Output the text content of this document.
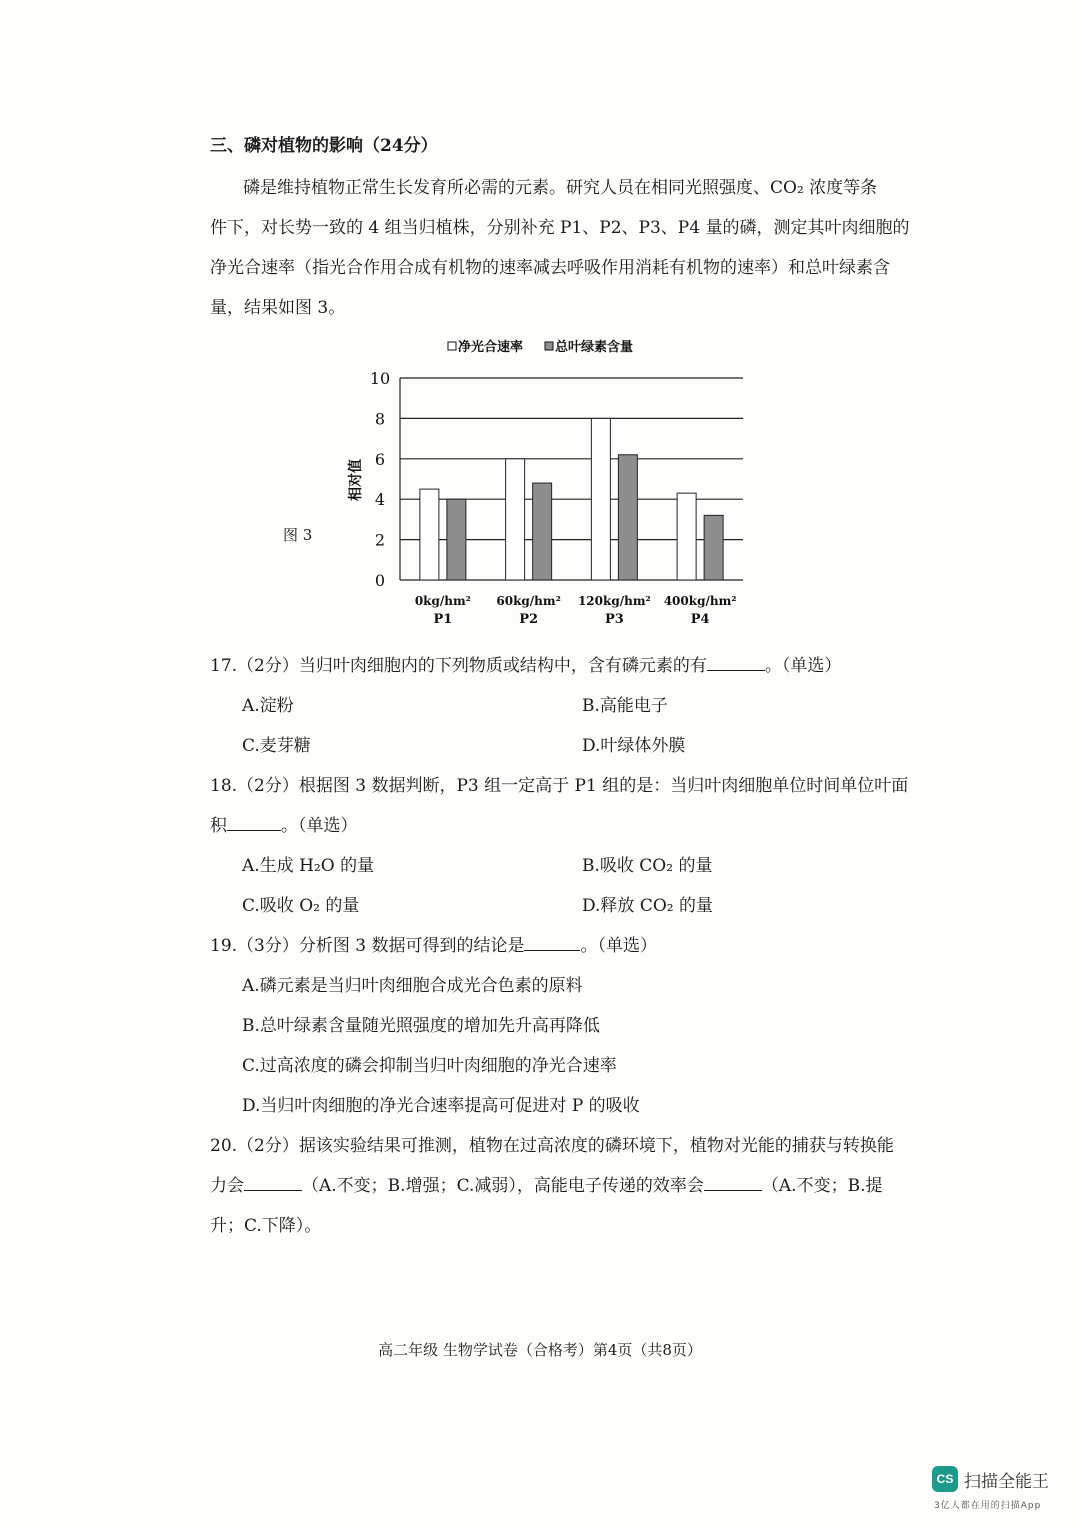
三、磷对植物的影响（24分）
磷是维持植物正常生长发育所必需的元素。研究人员在相同光照强度、CO₂ 浓度等条
件下，对长势一致的 4 组当归植株，分别补充 P1、P2、P3、P4 量的磷，测定其叶肉细胞的
净光合速率（指光合作用合成有机物的速率减去呼吸作用消耗有机物的速率）和总叶绿素含
量，结果如图 3。
图 3
0
2
4
6
8
10
相对值
净光合速率 总叶绿素含量
0kg/hm²
P1
60kg/hm²
P2
120kg/hm²
P3
400kg/hm²
P4
17.（2分）当归叶肉细胞内的下列物质或结构中，含有磷元素的有	。（单选）
A.淀粉	B.高能电子
C.麦芽糖	D.叶绿体外膜
18.（2分）根据图 3 数据判断，P3 组一定高于 P1 组的是：当归叶肉细胞单位时间单位叶面
积	。（单选）
A.生成 H₂O 的量	B.吸收 CO₂ 的量
C.吸收 O₂ 的量	D.释放 CO₂ 的量
19.（3分）分析图 3 数据可得到的结论是	。（单选）
A.磷元素是当归叶肉细胞合成光合色素的原料
B.总叶绿素含量随光照强度的增加先升高再降低
C.过高浓度的磷会抑制当归叶肉细胞的净光合速率
D.当归叶肉细胞的净光合速率提高可促进对 P 的吸收
20.（2分）据该实验结果可推测，植物在过高浓度的磷环境下，植物对光能的捕获与转换能
力会	（A.不变；B.增强；C.减弱），高能电子传递的效率会	（A.不变；B.提
升；C.下降）。
高二年级 生物学试卷（合格考）第4页（共8页）
CS 扫描全能王
3亿人都在用的扫描App
